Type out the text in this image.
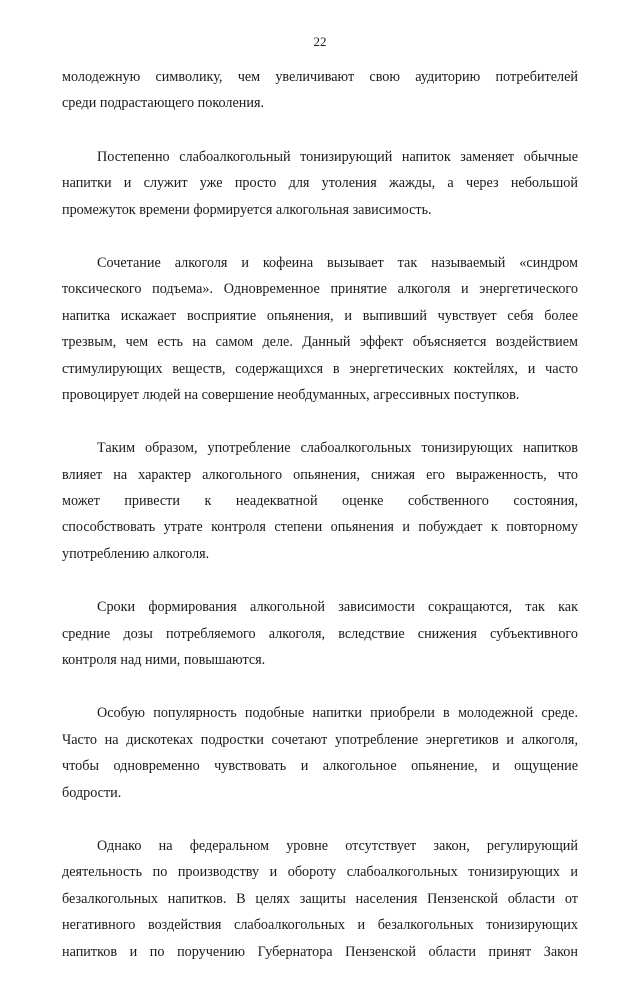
22
молодежную символику, чем увеличивают свою аудиторию потребителей
среди подрастающего поколения.
Постепенно слабоалкогольный тонизирующий напиток заменяет обычные
напитки и служит уже просто для утоления жажды, а через небольшой
промежуток времени формируется алкогольная зависимость.
Сочетание алкоголя и кофеина вызывает так называемый «синдром
токсического подъема». Одновременное принятие алкоголя и энергетического
напитка искажает восприятие опьянения, и выпивший чувствует себя более
трезвым, чем есть на самом деле. Данный эффект объясняется воздействием
стимулирующих веществ, содержащихся в энергетических коктейлях, и часто
провоцирует людей на совершение необдуманных, агрессивных поступков.
Таким образом, употребление слабоалкогольных тонизирующих напитков
влияет на характер алкогольного опьянения, снижая его выраженность, что
может привести к неадекватной оценке собственного состояния,
способствовать утрате контроля степени опьянения и побуждает к повторному
употреблению алкоголя.
Сроки формирования алкогольной зависимости сокращаются, так как
средние дозы потребляемого алкоголя, вследствие снижения субъективного
контроля над ними, повышаются.
Особую популярность подобные напитки приобрели в молодежной среде.
Часто на дискотеках подростки сочетают употребление энергетиков и алкоголя,
чтобы одновременно чувствовать и алкогольное опьянение, и ощущение
бодрости.
Однако на федеральном уровне отсутствует закон, регулирующий
деятельность по производству и обороту слабоалкогольных тонизирующих и
безалкогольных напитков. В целях защиты населения Пензенской области от
негативного воздействия слабоалкогольных и безалкогольных тонизирующих
напитков и по поручению Губернатора Пензенской области принят Закон
